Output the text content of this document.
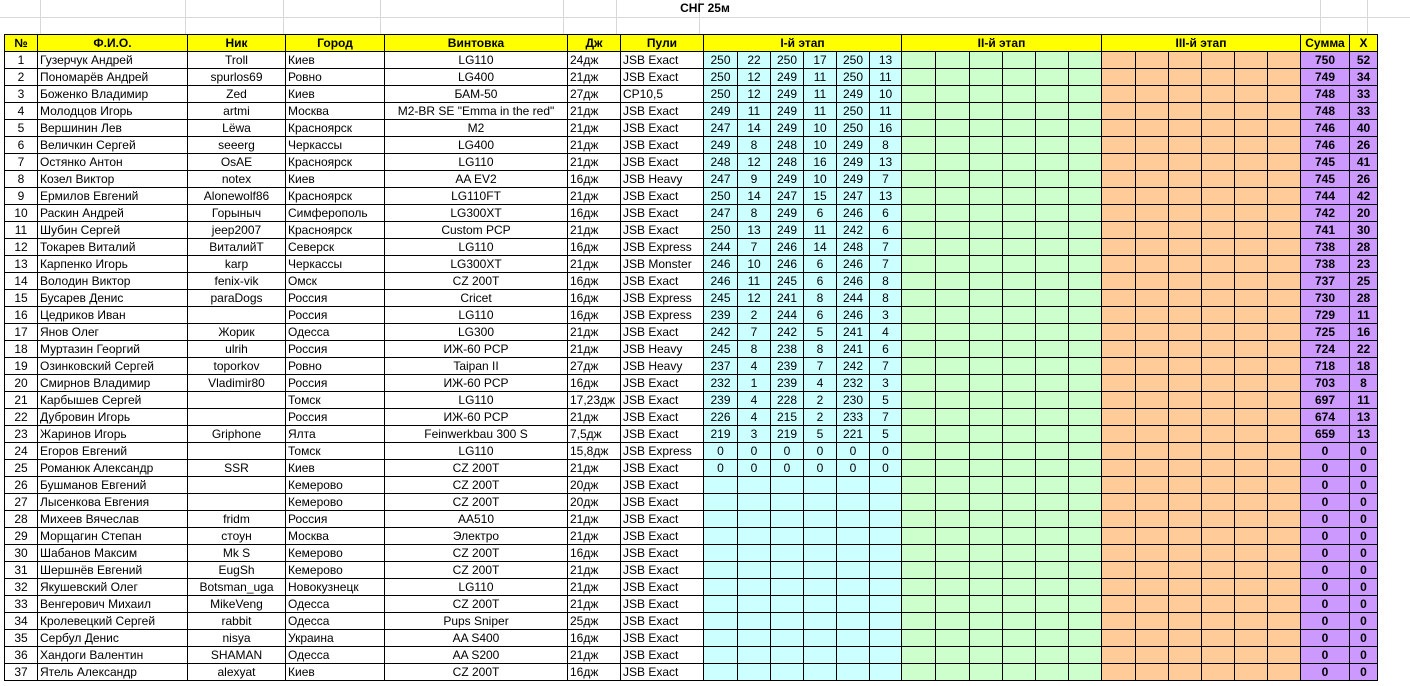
СНГ 25м
№	Ф.И.О.	Ник	Город	Винтовка	Дж	Пули	I-й этап						II-й этап						III-й этап						Сумма	X
1	Гузерчук Андрей	Troll	Киев	LG110	24дж	JSB Exact	250	22	250	17	250	13													750	52
2	Пономарёв Андрей	spurlos69	Ровно	LG400	21дж	JSB Exact	250	12	249	11	250	11													749	34
3	Боженко Владимир	Zed	Киев	БАМ-50	27дж	CP10,5	250	12	249	11	249	10													748	33
4	Молодцов Игорь	artmi	Москва	M2-BR SE "Emma in the red"	21дж	JSB Exact	249	11	249	11	250	11													748	33
5	Вершинин Лев	Lёwa	Красноярск	M2	21дж	JSB Exact	247	14	249	10	250	16													746	40
6	Величкин Сергей	seeerg	Черкассы	LG400	21дж	JSB Exact	249	8	248	10	249	8													746	26
7	Остянко Антон	OsAE	Красноярск	LG110	21дж	JSB Exact	248	12	248	16	249	13													745	41
8	Козел Виктор	notex	Киев	AA EV2	16дж	JSB Heavy	247	9	249	10	249	7													745	26
9	Ермилов Евгений	Alonewolf86	Красноярск	LG110FT	21дж	JSB Exact	250	14	247	15	247	13													744	42
10	Раскин Андрей	Горыныч	Симферополь	LG300XT	16дж	JSB Exact	247	8	249	6	246	6													742	20
11	Шубин Сергей	jeep2007	Красноярск	Custom PCP	21дж	JSB Exact	250	13	249	11	242	6													741	30
12	Токарев Виталий	ВиталийТ	Северск	LG110	16дж	JSB Express	244	7	246	14	248	7													738	28
13	Карпенко Игорь	karp	Черкассы	LG300XT	21дж	JSB Monster	246	10	246	6	246	7													738	23
14	Володин Виктор	fenix-vik	Омск	CZ 200T	16дж	JSB Exact	246	11	245	6	246	8													737	25
15	Бусарев Денис	paraDogs	Россия	Cricet	16дж	JSB Express	245	12	241	8	244	8													730	28
16	Цедриков Иван		Россия	LG110	16дж	JSB Express	239	2	244	6	246	3													729	11
17	Янов Олег	Жорик	Одесса	LG300	21дж	JSB Exact	242	7	242	5	241	4													725	16
18	Муртазин Георгий	ulrih	Россия	ИЖ-60 PCP	21дж	JSB Heavy	245	8	238	8	241	6													724	22
19	Озинковский Сергей	toporkov	Ровно	Taipan II	27дж	JSB Heavy	237	4	239	7	242	7													718	18
20	Смирнов Владимир	Vladimir80	Россия	ИЖ-60 PCP	16дж	JSB Exact	232	1	239	4	232	3													703	8
21	Карбышев Сергей		Томск	LG110	17,23дж	JSB Exact	239	4	228	2	230	5													697	11
22	Дубровин Игорь		Россия	ИЖ-60 PCP	21дж	JSB Exact	226	4	215	2	233	7													674	13
23	Жаринов Игорь	Griphone	Ялта	Feinwerkbau 300 S	7,5дж	JSB Exact	219	3	219	5	221	5													659	13
24	Егоров Евгений		Томск	LG110	15,8дж	JSB Express	0	0	0	0	0	0													0	0
25	Романюк Александр	SSR	Киев	CZ 200T	21дж	JSB Exact	0	0	0	0	0	0													0	0
26	Бушманов Евгений		Кемерово	CZ 200T	20дж	JSB Exact																			0	0
27	Лысенкова Евгения		Кемерово	CZ 200T	20дж	JSB Exact																			0	0
28	Михеев Вячеслав	fridm	Россия	AA510	21дж	JSB Exact																			0	0
29	Морщагин Степан	стоун	Москва	Электро	21дж	JSB Exact																			0	0
30	Шабанов Максим	Mk S	Кемерово	CZ 200T	16дж	JSB Exact																			0	0
31	Шершнёв Евгений	EugSh	Кемерово	CZ 200T	21дж	JSB Exact																			0	0
32	Якушевский Олег	Botsman_uga	Новокузнецк	LG110	21дж	JSB Exact																			0	0
33	Венгерович Михаил	MikeVeng	Одесса	CZ 200T	21дж	JSB Exact																			0	0
34	Кролевецкий Сергей	rabbit	Одесса	Pups Sniper	25дж	JSB Exact																			0	0
35	Сербул Денис	nisya	Украина	AA S400	16дж	JSB Exact																			0	0
36	Хандоги Валентин	SHAMAN	Одесса	AA S200	21дж	JSB Exact																			0	0
37	Ятель Александр	alexyat	Киев	CZ 200T	16дж	JSB Exact																			0	0
